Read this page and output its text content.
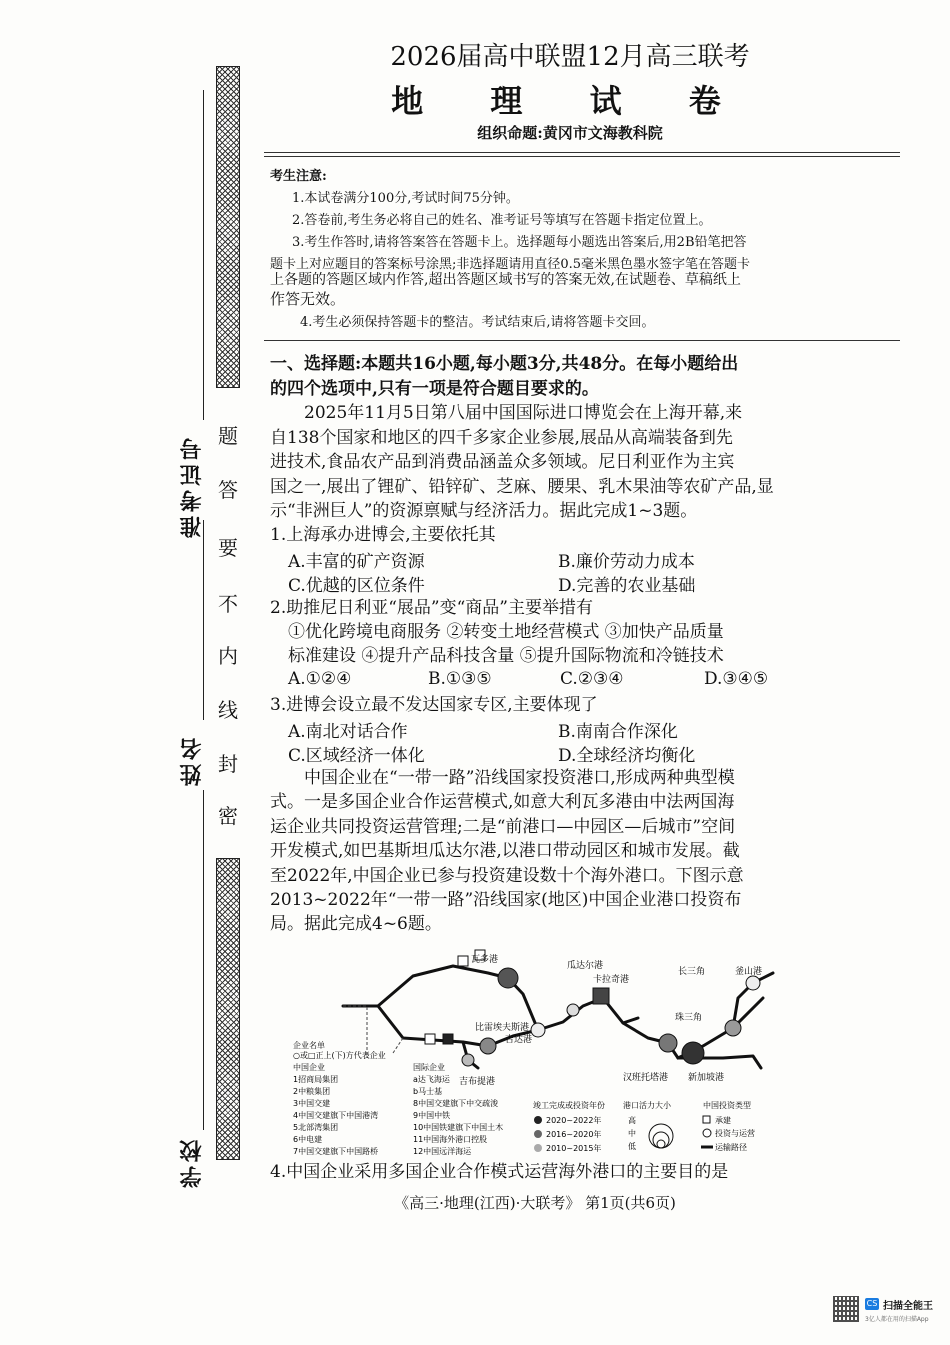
题
答
要
不
内
线
封
密
准考证号
姓名
学校
2026届高中联盟12月高三联考
地 理 试 卷
组织命题:黄冈市文海教科院
考生注意:
1.本试卷满分100分,考试时间75分钟。
2.答卷前,考生务必将自己的姓名、准考证号等填写在答题卡指定位置上。
3.考生作答时,请将答案答在答题卡上。选择题每小题选出答案后,用2B铅笔把答
题卡上对应题目的答案标号涂黑;非选择题请用直径0.5毫米黑色墨水签字笔在答题卡
上各题的答题区域内作答,超出答题区域书写的答案无效,在试题卷、草稿纸上
作答无效。
4.考生必须保持答题卡的整洁。考试结束后,请将答题卡交回。
一、选择题:本题共16小题,每小题3分,共48分。在每小题给出
的四个选项中,只有一项是符合题目要求的。
2025年11月5日第八届中国国际进口博览会在上海开幕,来
自138个国家和地区的四千多家企业参展,展品从高端装备到先
进技术,食品农产品到消费品涵盖众多领域。尼日利亚作为主宾
国之一,展出了锂矿、铅锌矿、芝麻、腰果、乳木果油等农矿产品,显
示“非洲巨人”的资源禀赋与经济活力。据此完成1~3题。
1.上海承办进博会,主要依托其
A.丰富的矿产资源	B.廉价劳动力成本
C.优越的区位条件	D.完善的农业基础
2.助推尼日利亚“展品”变“商品”主要举措有
①优化跨境电商服务 ②转变土地经营模式 ③加快产品质量
标准建设 ④提升产品科技含量 ⑤提升国际物流和冷链技术
A.①②④	B.①③⑤	C.②③④	D.③④⑤
3.进博会设立最不发达国家专区,主要体现了
A.南北对话合作	B.南南合作深化
C.区域经济一体化	D.全球经济均衡化
中国企业在“一带一路”沿线国家投资港口,形成两种典型模
式。一是多国企业合作运营模式,如意大利瓦多港由中法两国海
运企业共同投资运营管理;二是“前港口—中园区—后城市”空间
开发模式,如巴基斯坦瓜达尔港,以港口带动园区和城市发展。截
至2022年,中国企业已参与投资建设数十个海外港口。下图示意
2013~2022年“一带一路”沿线国家(地区)中国企业港口投资布
局。据此完成4~6题。
瓦多港
瓜达尔港
卡拉奇港
比雷埃夫斯港
吉达港
长三角	釜山港
珠三角
吉布提港	汉班托塔港 新加坡港
企业名单
○或□正上(下)方代表企业
中国企业
1招商局集团
2中粮集团
3中国交建
4中国交建旗下中国港湾
5北部湾集团
6中电建
7中国交建旗下中国路桥
国际企业
a达飞海运
b马士基
8中国交建旗下中交疏浚
9中国中铁
10中国铁建旗下中国土木
11中国海外港口控股
12中国远洋海运
竣工完成或投资年份
2020~2022年
2016~2020年
2010~2015年
港口活力大小
高
中
低
中国投资类型
承建
投资与运营
运输路径
4.中国企业采用多国企业合作模式运营海外港口的主要目的是
《高三·地理(江西)·大联考》 第1页(共6页)
CS 扫描全能王
3亿人都在用的扫描App
